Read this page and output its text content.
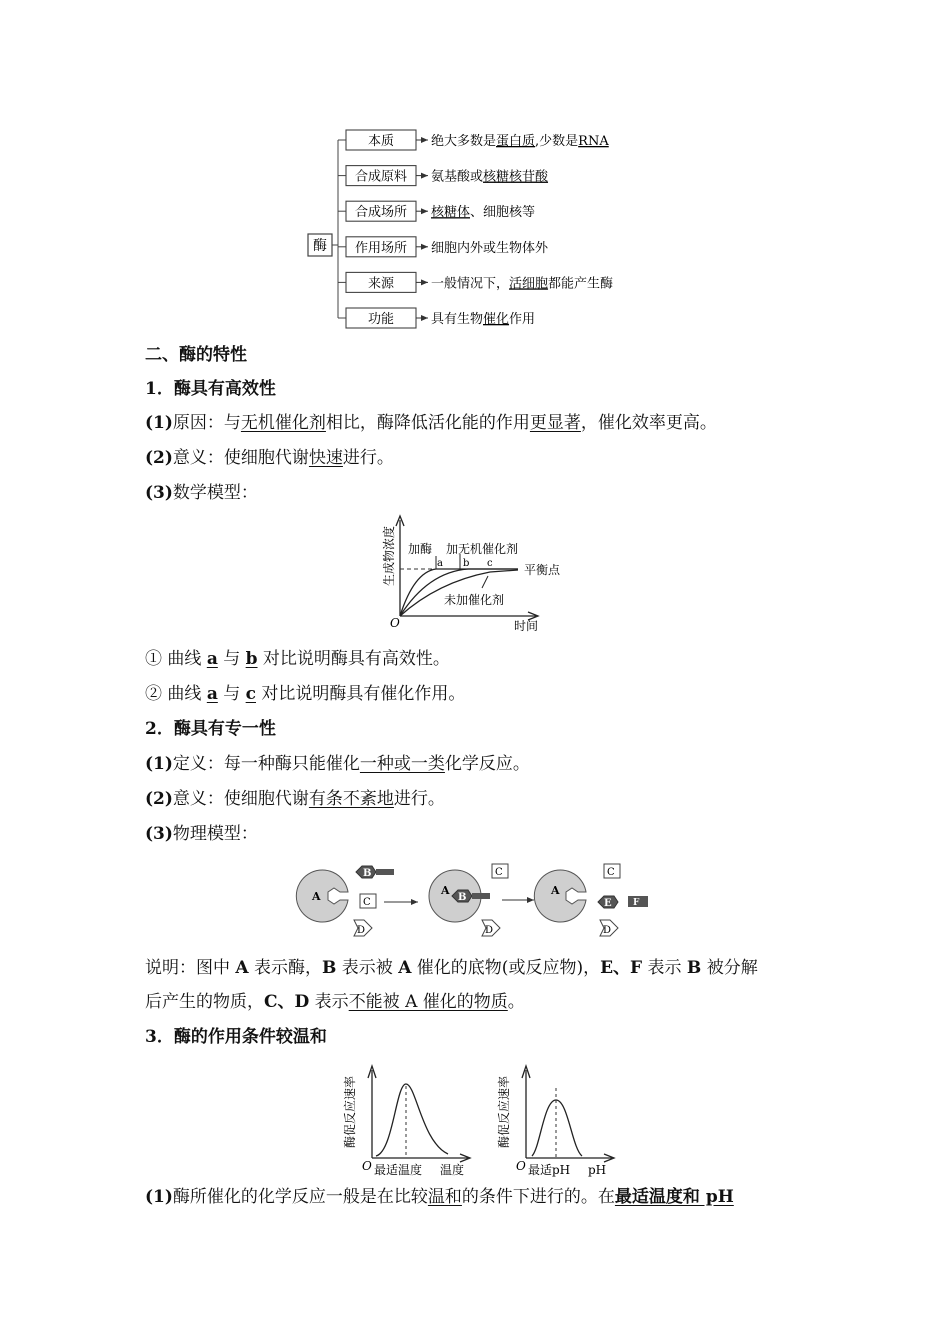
酶
本质	绝大多数是蛋白质,少数是RNA
合成原料 氨基酸或核糖核苷酸
合成场所 核糖体、细胞核等
作用场所 细胞内外或生物体外
来源	一般情况下，活细胞都能产生酶
功能	具有生物催化作用
二、酶的特性
1．酶具有高效性
(1)原因：与无机催化剂相比，酶降低活化能的作用更显著，催化效率更高。
(2)意义：使细胞代谢快速进行。
(3)数学模型：
生成物浓度
O	时间
加酶 加无机催化剂
a b c	平衡点
未加催化剂
① 曲线 a 与 b 对比说明酶具有高效性。
② 曲线 a 与 c 对比说明酶具有催化作用。
2．酶具有专一性
(1)定义：每一种酶只能催化一种或一类化学反应。
(2)意义：使细胞代谢有条不紊地进行。
(3)物理模型：
A
B
C
D
A
B
C
D
A
C
E F
D
说明：图中 A 表示酶，B 表示被 A 催化的底物(或反应物)，E、F 表示 B 被分解
后产生的物质，C、D 表示不能被 A 催化的物质。
3．酶的作用条件较温和
酶促反应速率
O 最适温度 温度
酶促反应速率
O 最适pH pH
(1)酶所催化的化学反应一般是在比较温和的条件下进行的。在最适温度和 pH
